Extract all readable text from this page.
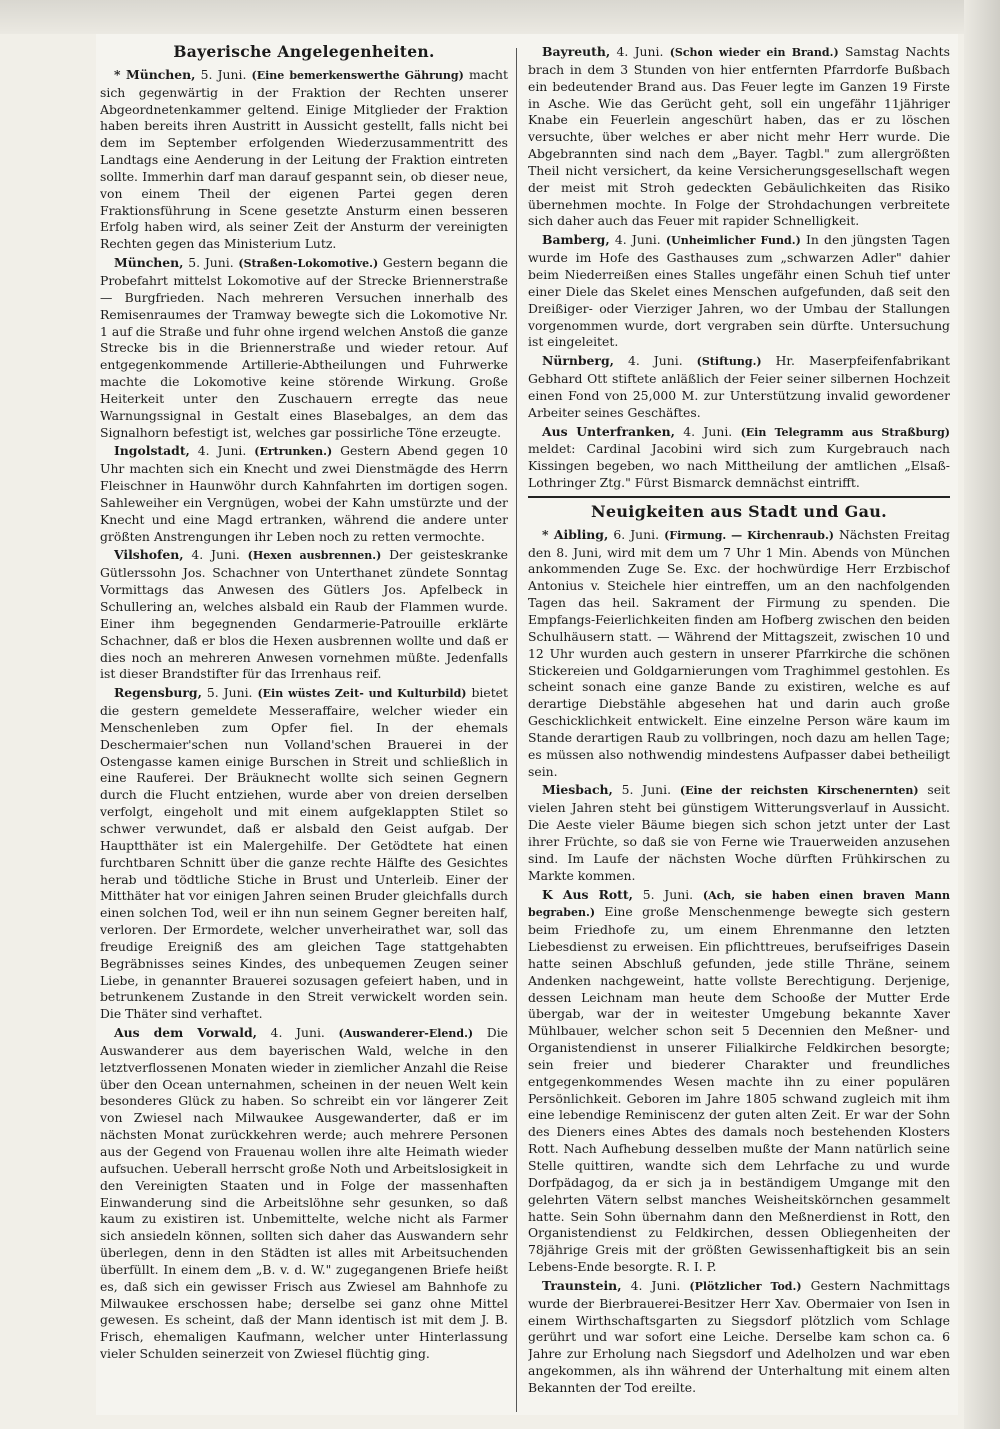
Bayerische Angelegenheiten.

* München, 5. Juni. (Eine bemerkenswerthe Gährung) macht sich gegenwärtig in der Fraktion der Rechten unserer Abgeordnetenkammer geltend. Einige Mitglieder der Fraktion haben bereits ihren Austritt in Aussicht gestellt, falls nicht bei dem im September erfolgenden Wiederzusammentritt des Landtags eine Aenderung in der Leitung der Fraktion eintreten sollte. Immerhin darf man darauf gespannt sein, ob dieser neue, von einem Theil der eigenen Partei gegen deren Fraktionsführung in Scene gesetzte Ansturm einen besseren Erfolg haben wird, als seiner Zeit der Ansturm der vereinigten Rechten gegen das Ministerium Lutz.

München, 5. Juni. (Straßen-Lokomotive.) Gestern begann die Probefahrt mittelst Lokomotive auf der Strecke Briennerstraße — Burgfrieden. Nach mehreren Versuchen innerhalb des Remisenraumes der Tramway bewegte sich die Lokomotive Nr. 1 auf die Straße und fuhr ohne irgend welchen Anstoß die ganze Strecke bis in die Briennerstraße und wieder retour. Auf entgegenkommende Artillerie-Abtheilungen und Fuhrwerke machte die Lokomotive keine störende Wirkung. Große Heiterkeit unter den Zuschauern erregte das neue Warnungssignal in Gestalt eines Blasebalges, an dem das Signalhorn befestigt ist, welches gar possirliche Töne erzeugte.

Ingolstadt, 4. Juni. (Ertrunken.) Gestern Abend gegen 10 Uhr machten sich ein Knecht und zwei Dienstmägde des Herrn Fleischner in Haunwöhr durch Kahnfahrten im dortigen sogen. Sahleweiher ein Vergnügen, wobei der Kahn umstürzte und der Knecht und eine Magd ertranken, während die andere unter größten Anstrengungen ihr Leben noch zu retten vermochte.

Vilshofen, 4. Juni. (Hexen ausbrennen.) Der geisteskranke Gütlerssohn Jos. Schachner von Unterthanet zündete Sonntag Vormittags das Anwesen des Gütlers Jos. Apfelbeck in Schullering an, welches alsbald ein Raub der Flammen wurde. Einer ihm begegnenden Gendarmerie-Patrouille erklärte Schachner, daß er blos die Hexen ausbrennen wollte und daß er dies noch an mehreren Anwesen vornehmen müßte. Jedenfalls ist dieser Brandstifter für das Irrenhaus reif.

Regensburg, 5. Juni. (Ein wüstes Zeit- und Kulturbild) bietet die gestern gemeldete Messeraffaire, welcher wieder ein Menschenleben zum Opfer fiel. In der ehemals Deschermaier'schen nun Volland'schen Brauerei in der Ostengasse kamen einige Burschen in Streit und schließlich in eine Rauferei. Der Bräuknecht wollte sich seinen Gegnern durch die Flucht entziehen, wurde aber von dreien derselben verfolgt, eingeholt und mit einem aufgeklappten Stilet so schwer verwundet, daß er alsbald den Geist aufgab. Der Hauptthäter ist ein Malergehilfe. Der Getödtete hat einen furchtbaren Schnitt über die ganze rechte Hälfte des Gesichtes herab und tödtliche Stiche in Brust und Unterleib. Einer der Mitthäter hat vor einigen Jahren seinen Bruder gleichfalls durch einen solchen Tod, weil er ihn nun seinem Gegner bereiten half, verloren. Der Ermordete, welcher unverheirathet war, soll das freudige Ereigniß des am gleichen Tage stattgehabten Begräbnisses seines Kindes, des unbequemen Zeugen seiner Liebe, in genannter Brauerei sozusagen gefeiert haben, und in betrunkenem Zustande in den Streit verwickelt worden sein. Die Thäter sind verhaftet.

Aus dem Vorwald, 4. Juni. (Auswanderer-Elend.) Die Auswanderer aus dem bayerischen Wald, welche in den letztverflossenen Monaten wieder in ziemlicher Anzahl die Reise über den Ocean unternahmen, scheinen in der neuen Welt kein besonderes Glück zu haben. So schreibt ein vor längerer Zeit von Zwiesel nach Milwaukee Ausgewanderter, daß er im nächsten Monat zurückkehren werde; auch mehrere Personen aus der Gegend von Frauenau wollen ihre alte Heimath wieder aufsuchen. Ueberall herrscht große Noth und Arbeitslosigkeit in den Vereinigten Staaten und in Folge der massenhaften Einwanderung sind die Arbeitslöhne sehr gesunken, so daß kaum zu existiren ist. Unbemittelte, welche nicht als Farmer sich ansiedeln können, sollten sich daher das Auswandern sehr überlegen, denn in den Städten ist alles mit Arbeitsuchenden überfüllt. In einem dem „B. v. d. W." zugegangenen Briefe heißt es, daß sich ein gewisser Frisch aus Zwiesel am Bahnhofe zu Milwaukee erschossen habe; derselbe sei ganz ohne Mittel gewesen. Es scheint, daß der Mann identisch ist mit dem J. B. Frisch, ehemaligen Kaufmann, welcher unter Hinterlassung vieler Schulden seinerzeit von Zwiesel flüchtig ging.

Bayreuth, 4. Juni. (Schon wieder ein Brand.) Samstag Nachts brach in dem 3 Stunden von hier entfernten Pfarrdorfe Bußbach ein bedeutender Brand aus. Das Feuer legte im Ganzen 19 Firste in Asche. Wie das Gerücht geht, soll ein ungefähr 11jähriger Knabe ein Feuerlein angeschürt haben, das er zu löschen versuchte, über welches er aber nicht mehr Herr wurde. Die Abgebrannten sind nach dem „Bayer. Tagbl." zum allergrößten Theil nicht versichert, da keine Versicherungsgesellschaft wegen der meist mit Stroh gedeckten Gebäulichkeiten das Risiko übernehmen mochte. In Folge der Strohdachungen verbreitete sich daher auch das Feuer mit rapider Schnelligkeit.

Bamberg, 4. Juni. (Unheimlicher Fund.) In den jüngsten Tagen wurde im Hofe des Gasthauses zum „schwarzen Adler" dahier beim Niederreißen eines Stalles ungefähr einen Schuh tief unter einer Diele das Skelet eines Menschen aufgefunden, daß seit den Dreißiger- oder Vierziger Jahren, wo der Umbau der Stallungen vorgenommen wurde, dort vergraben sein dürfte. Untersuchung ist eingeleitet.

Nürnberg, 4. Juni. (Stiftung.) Hr. Maserpfeifenfabrikant Gebhard Ott stiftete anläßlich der Feier seiner silbernen Hochzeit einen Fond von 25,000 M. zur Unterstützung invalid gewordener Arbeiter seines Geschäftes.

Aus Unterfranken, 4. Juni. (Ein Telegramm aus Straßburg) meldet: Cardinal Jacobini wird sich zum Kurgebrauch nach Kissingen begeben, wo nach Mittheilung der amtlichen „Elsaß-Lothringer Ztg." Fürst Bismarck demnächst eintrifft.

Neuigkeiten aus Stadt und Gau.

* Aibling, 6. Juni. (Firmung. — Kirchenraub.) Nächsten Freitag den 8. Juni, wird mit dem um 7 Uhr 1 Min. Abends von München ankommenden Zuge Se. Exc. der hochwürdige Herr Erzbischof Antonius v. Steichele hier eintreffen, um an den nachfolgenden Tagen das heil. Sakrament der Firmung zu spenden. Die Empfangs-Feierlichkeiten finden am Hofberg zwischen den beiden Schulhäusern statt. — Während der Mittagszeit, zwischen 10 und 12 Uhr wurden auch gestern in unserer Pfarrkirche die schönen Stickereien und Goldgarnierungen vom Traghimmel gestohlen. Es scheint sonach eine ganze Bande zu existiren, welche es auf derartige Diebstähle abgesehen hat und darin auch große Geschicklichkeit entwickelt. Eine einzelne Person wäre kaum im Stande derartigen Raub zu vollbringen, noch dazu am hellen Tage; es müssen also nothwendig mindestens Aufpasser dabei betheiligt sein.

Miesbach, 5. Juni. (Eine der reichsten Kirschenernten) seit vielen Jahren steht bei günstigem Witterungsverlauf in Aussicht. Die Aeste vieler Bäume biegen sich schon jetzt unter der Last ihrer Früchte, so daß sie von Ferne wie Trauerweiden anzusehen sind. Im Laufe der nächsten Woche dürften Frühkirschen zu Markte kommen.

K Aus Rott, 5. Juni. (Ach, sie haben einen braven Mann begraben.) Eine große Menschenmenge bewegte sich gestern beim Friedhofe zu, um einem Ehrenmanne den letzten Liebesdienst zu erweisen. Ein pflichttreues, berufseifriges Dasein hatte seinen Abschluß gefunden, jede stille Thräne, seinem Andenken nachgeweint, hatte vollste Berechtigung. Derjenige, dessen Leichnam man heute dem Schooße der Mutter Erde übergab, war der in weitester Umgebung bekannte Xaver Mühlbauer, welcher schon seit 5 Decennien den Meßner- und Organistendienst in unserer Filialkirche Feldkirchen besorgte; sein freier und biederer Charakter und freundliches entgegenkommendes Wesen machte ihn zu einer populären Persönlichkeit. Geboren im Jahre 1805 schwand zugleich mit ihm eine lebendige Reminiscenz der guten alten Zeit. Er war der Sohn des Dieners eines Abtes des damals noch bestehenden Klosters Rott. Nach Aufhebung desselben mußte der Mann natürlich seine Stelle quittiren, wandte sich dem Lehrfache zu und wurde Dorfpädagog, da er sich ja in beständigem Umgange mit den gelehrten Vätern selbst manches Weisheitskörnchen gesammelt hatte. Sein Sohn übernahm dann den Meßnerdienst in Rott, den Organistendienst zu Feldkirchen, dessen Obliegenheiten der 78jährige Greis mit der größten Gewissenhaftigkeit bis an sein Lebens-Ende besorgte. R. I. P.

Traunstein, 4. Juni. (Plötzlicher Tod.) Gestern Nachmittags wurde der Bierbrauerei-Besitzer Herr Xav. Obermaier von Isen in einem Wirthschaftsgarten zu Siegsdorf plötzlich vom Schlage gerührt und war sofort eine Leiche. Derselbe kam schon ca. 6 Jahre zur Erholung nach Siegsdorf und Adelholzen und war eben angekommen, als ihn während der Unterhaltung mit einem alten Bekannten der Tod ereilte.
